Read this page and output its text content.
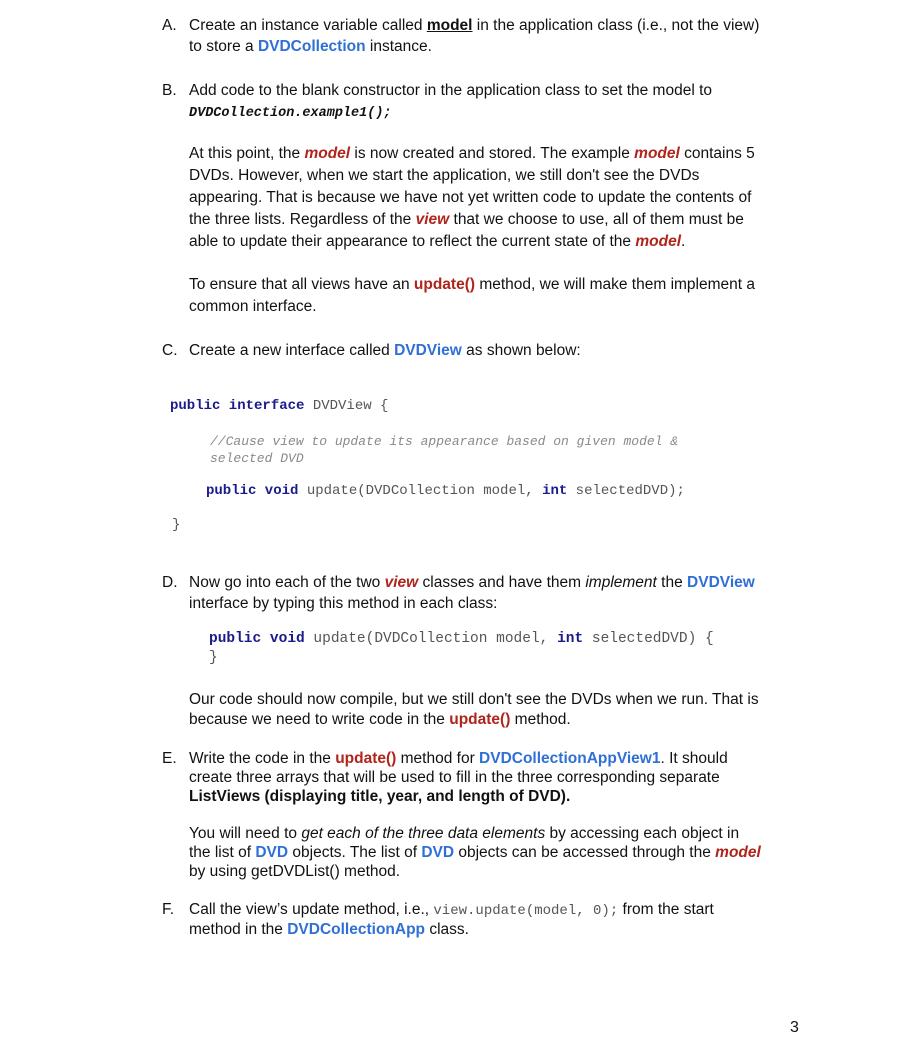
A. Create an instance variable called model in the application class (i.e., not the view)
to store a DVDCollection instance.
B. Add code to the blank constructor in the application class to set the model to
DVDCollection.example1();
At this point, the model is now created and stored. The example model contains 5
DVDs. However, when we start the application, we still don't see the DVDs
appearing. That is because we have not yet written code to update the contents of
the three lists. Regardless of the view that we choose to use, all of them must be
able to update their appearance to reflect the current state of the model.
To ensure that all views have an update() method, we will make them implement a
common interface.
C. Create a new interface called DVDView as shown below:
public interface DVDView {
//Cause view to update its appearance based on given model &
selected DVD
public void update(DVDCollection model, int selectedDVD);
}
D. Now go into each of the two view classes and have them implement the DVDView
interface by typing this method in each class:
public void update(DVDCollection model, int selectedDVD) {
}
Our code should now compile, but we still don't see the DVDs when we run. That is
because we need to write code in the update() method.
E. Write the code in the update() method for DVDCollectionAppView1. It should
create three arrays that will be used to fill in the three corresponding separate
ListViews (displaying title, year, and length of DVD).
You will need to get each of the three data elements by accessing each object in
the list of DVD objects. The list of DVD objects can be accessed through the model
by using getDVDList() method.
F. Call the view’s update method, i.e., view.update(model, 0); from the start
method in the DVDCollectionApp class.
3
